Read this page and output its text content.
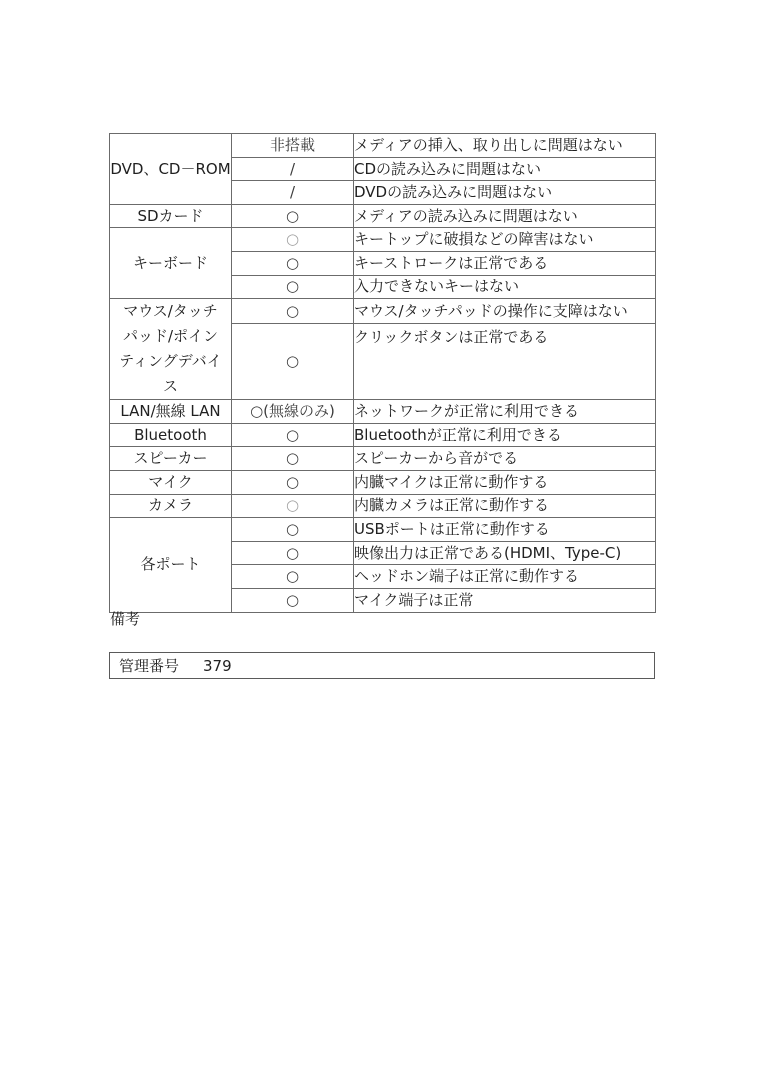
DVD、CD－ROM	非搭載	メディアの挿入、取り出しに問題はない
	/	CDの読み込みに問題はない
	/	DVDの読み込みに問題はない
SDカード	○	メディアの読み込みに問題はない
キーボード	○	キートップに破損などの障害はない
	○	キーストロークは正常である
	○	入力できないキーはない

マウス/タッチパッド/ポインティングデバイス	○	マウス/タッチパッドの操作に支障はない
	○	クリックボタンは正常である
LAN/無線 LAN	○(無線のみ)	ネットワークが正常に利用できる
Bluetooth	○	Bluetoothが正常に利用できる
スピーカー	○	スピーカーから音がでる
マイク	○	内臓マイクは正常に動作する
カメラ	○	内臓カメラは正常に動作する
各ポート	○	USBポートは正常に動作する
	○	映像出力は正常である(HDMI、Type-C)
	○	ヘッドホン端子は正常に動作する
	○	マイク端子は正常
備考
管理番号 379
